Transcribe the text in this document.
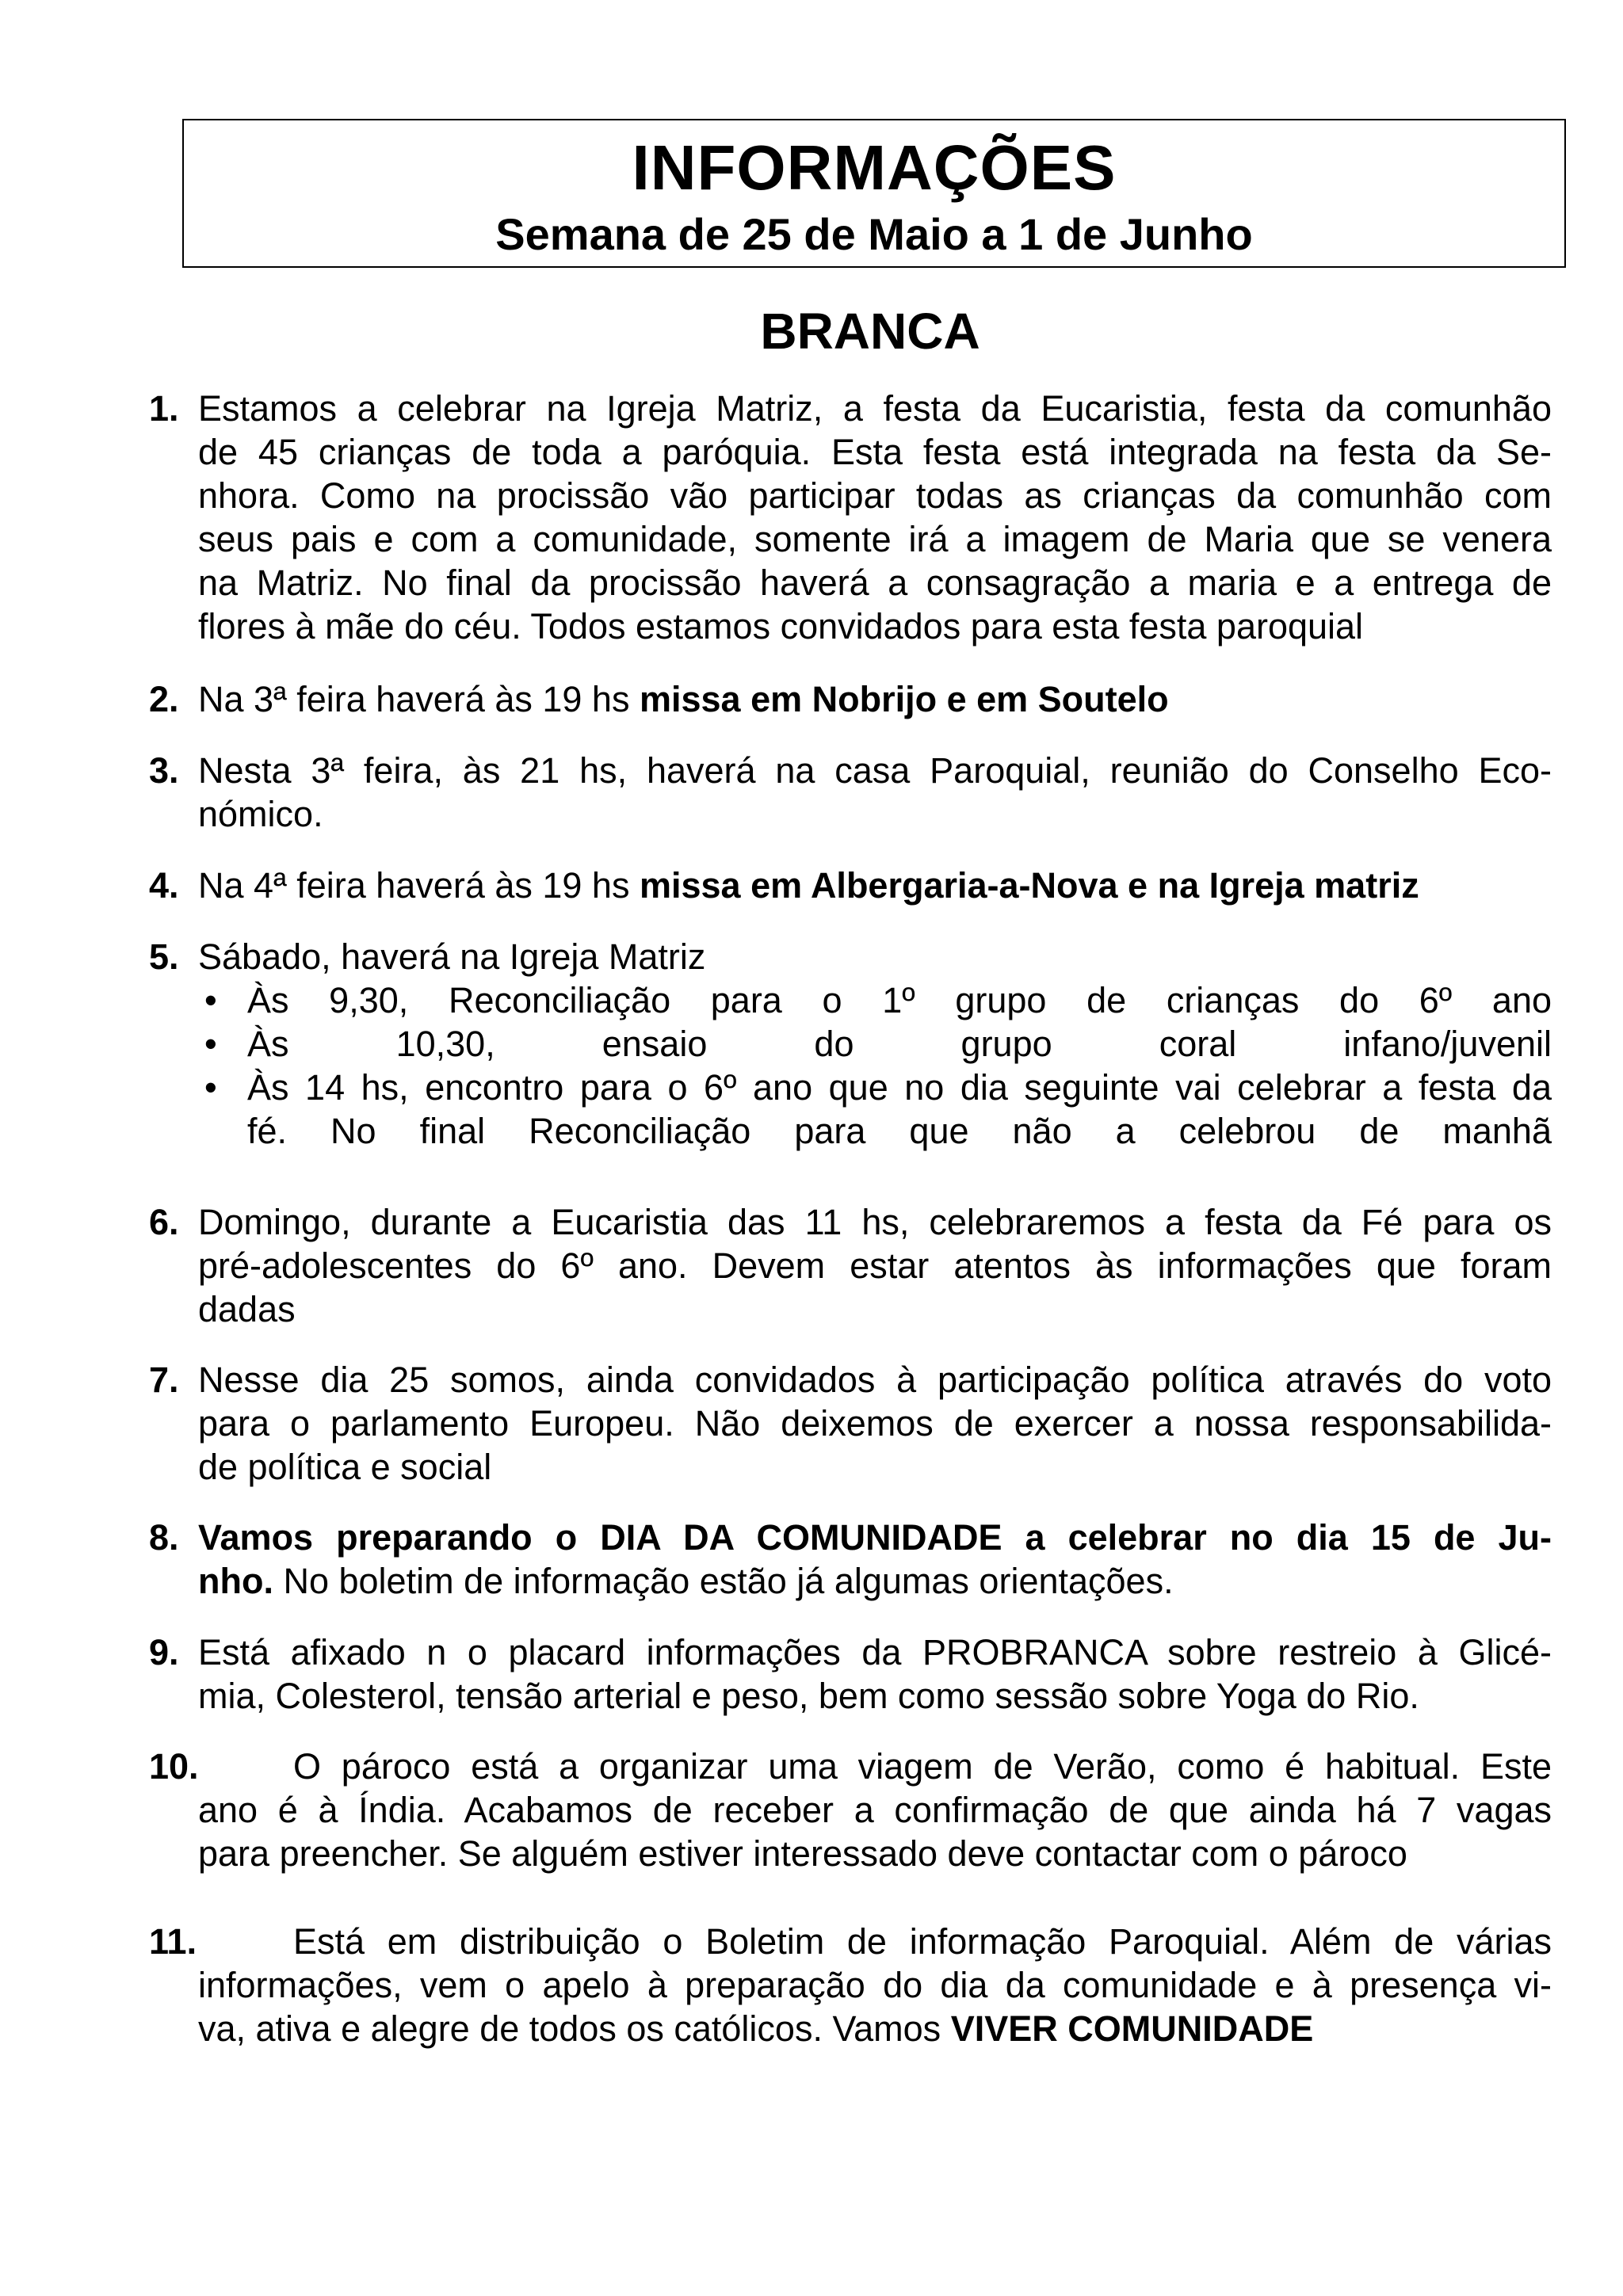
INFORMAÇÕES
Semana de 25 de Maio a 1 de Junho
BRANCA
1. Estamos a celebrar na Igreja Matriz, a festa da Eucaristia, festa da comunhão
de 45 crianças de toda a paróquia. Esta festa está integrada na festa da Se-
nhora. Como na procissão vão participar todas as crianças da comunhão com
seus pais e com a comunidade, somente irá a imagem de Maria que se venera
na Matriz. No final da procissão haverá a consagração a maria e a entrega de
flores à mãe do céu. Todos estamos convidados para esta festa paroquial
2. Na 3ª feira haverá às 19 hs missa em Nobrijo e em Soutelo
3. Nesta 3ª feira, às 21 hs, haverá na casa Paroquial, reunião do Conselho Eco-
nómico.
4. Na 4ª feira haverá às 19 hs missa em Albergaria-a-Nova e na Igreja matriz
5. Sábado, haverá na Igreja Matriz
• Às 9,30, Reconciliação para o 1º grupo de crianças do 6º ano
• Às 10,30, ensaio do grupo coral infano/juvenil
• Às 14 hs, encontro para o 6º ano que no dia seguinte vai celebrar a festa da
fé. No final Reconciliação para que não a celebrou de manhã
6. Domingo, durante a Eucaristia das 11 hs, celebraremos a festa da Fé para os
pré-adolescentes do 6º ano. Devem estar atentos às informações que foram
dadas
7. Nesse dia 25 somos, ainda convidados à participação política através do voto
para o parlamento Europeu. Não deixemos de exercer a nossa responsabilida-
de política e social
8. Vamos preparando o DIA DA COMUNIDADE a celebrar no dia 15 de Ju-
nho. No boletim de informação estão já algumas orientações.
9. Está afixado n o placard informações da PROBRANCA sobre restreio à Glicé-
mia, Colesterol, tensão arterial e peso, bem como sessão sobre Yoga do Rio.
10.	O pároco está a organizar uma viagem de Verão, como é habitual. Este
ano é à Índia. Acabamos de receber a confirmação de que ainda há 7 vagas
para preencher. Se alguém estiver interessado deve contactar com o pároco
11.	Está em distribuição o Boletim de informação Paroquial. Além de várias
informações, vem o apelo à preparação do dia da comunidade e à presença vi-
va, ativa e alegre de todos os católicos. Vamos VIVER COMUNIDADE
